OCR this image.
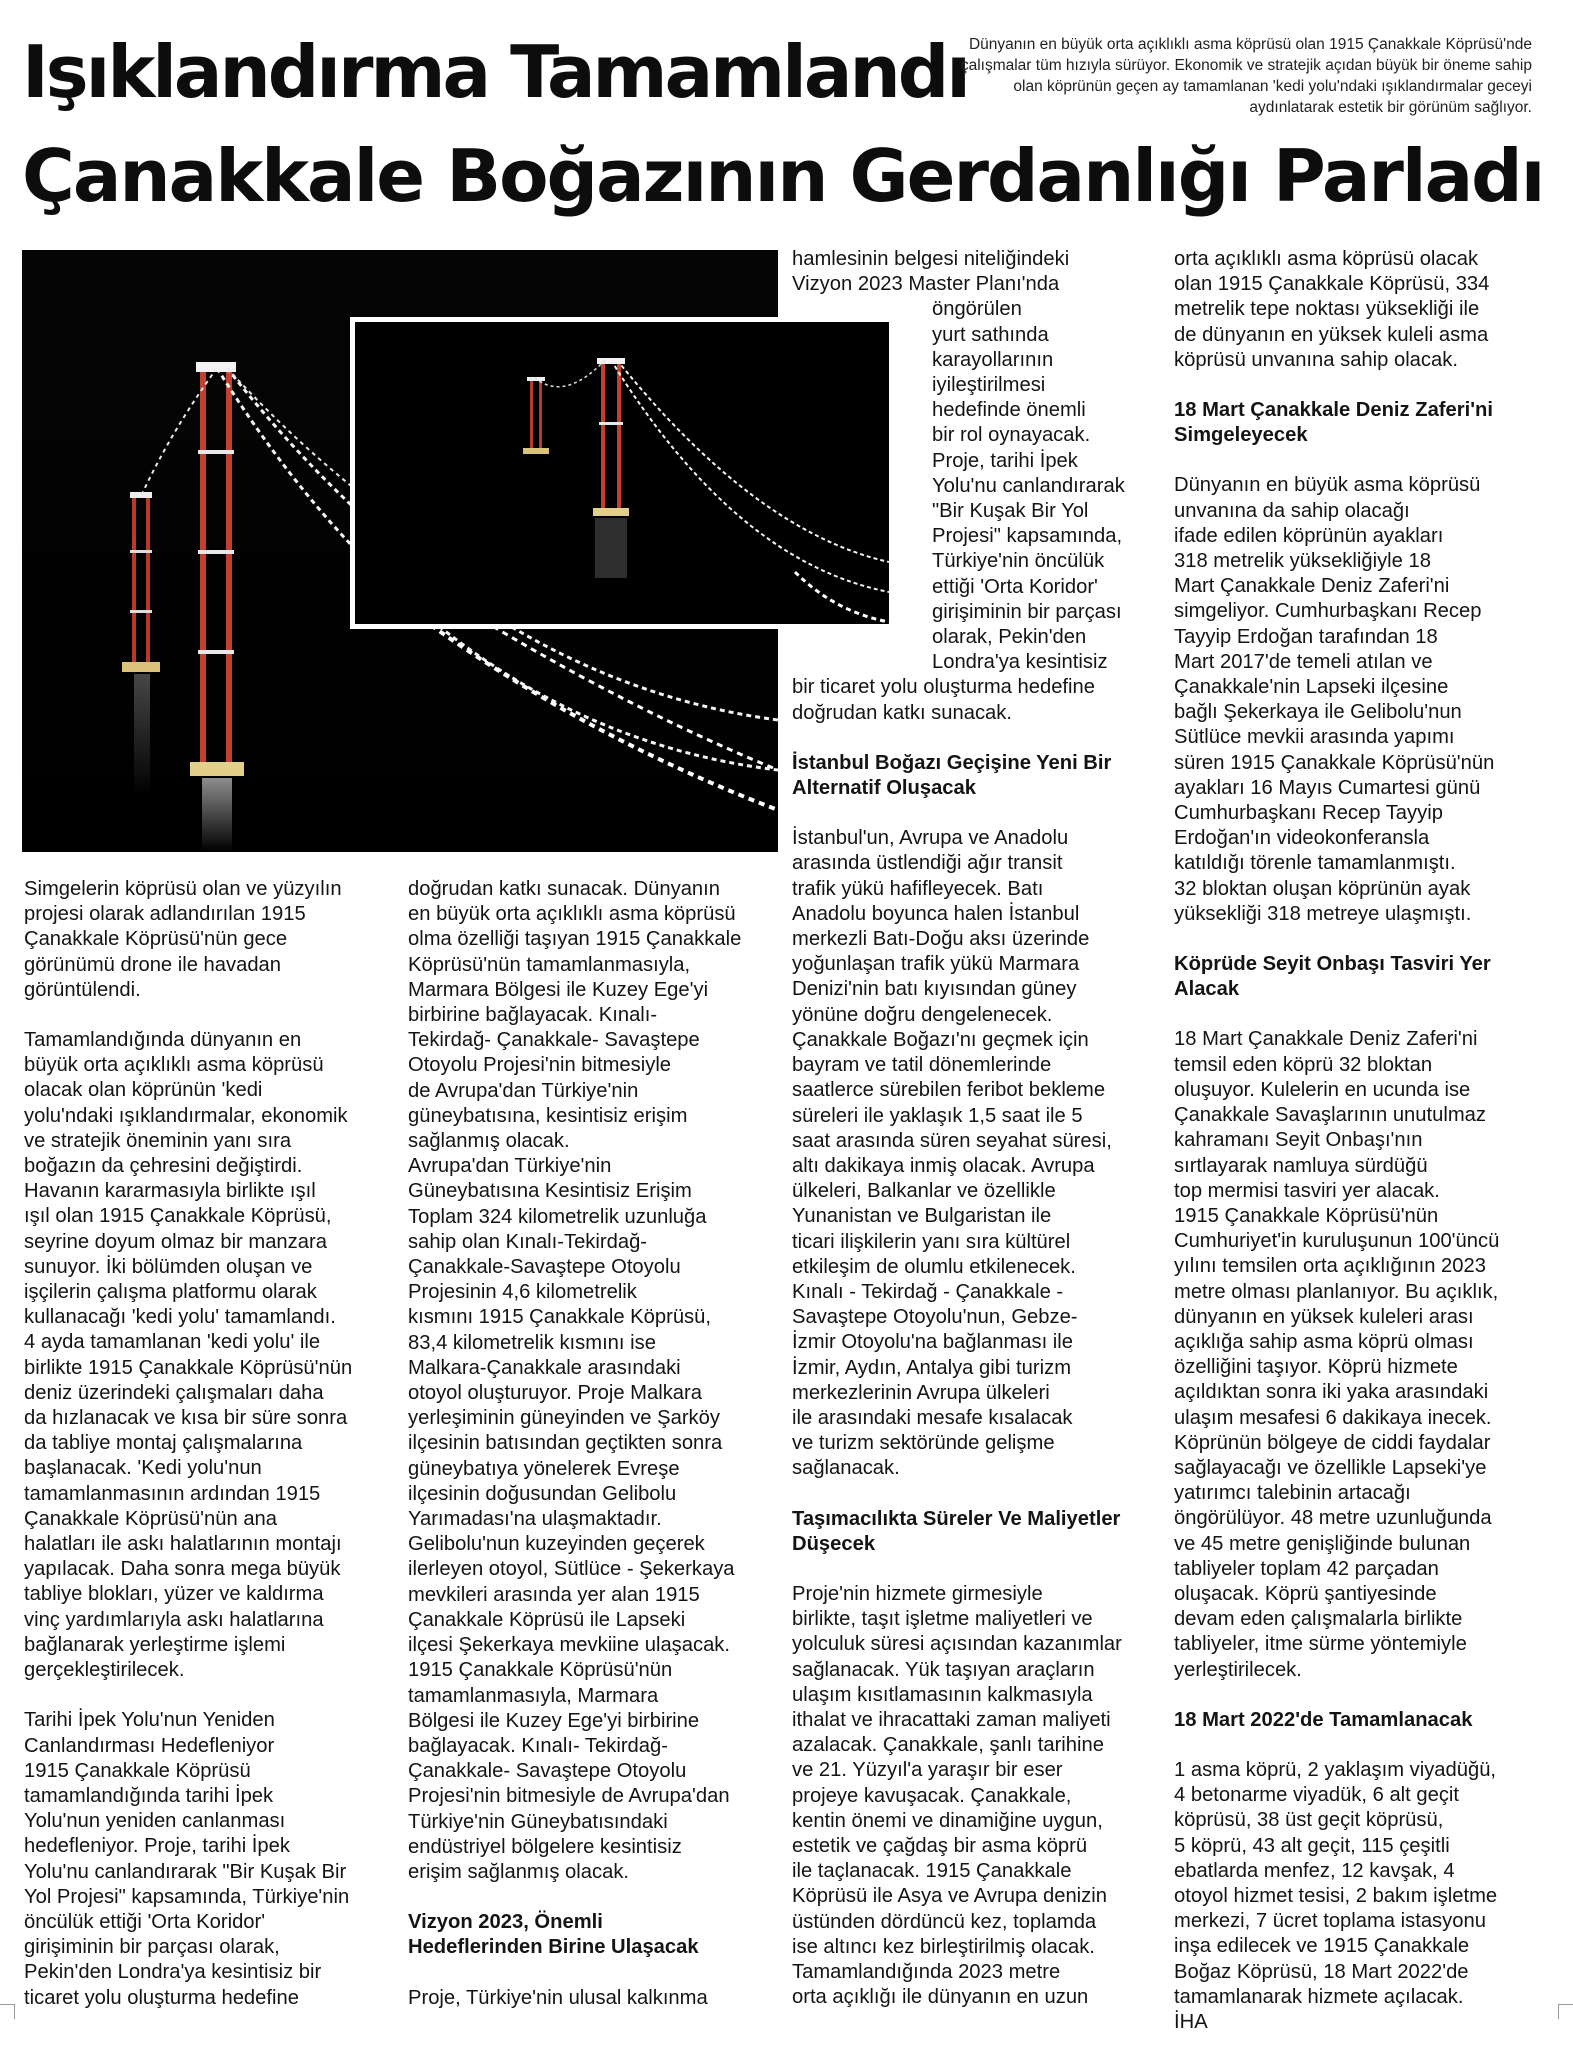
Işıklandırma Tamamlandı
Çanakkale Boğazının Gerdanlığı Parladı
Dünyanın en büyük orta açıklıklı asma köprüsü olan 1915 Çanakkale Köprüsü'nde çalışmalar tüm hızıyla sürüyor. Ekonomik ve stratejik açıdan büyük bir öneme sahip olan köprünün geçen ay tamamlanan 'kedi yolu'ndaki ışıklandırmalar geceyi aydınlatarak estetik bir görünüm sağlıyor.

Simgelerin köprüsü olan ve yüzyılın
projesi olarak adlandırılan 1915
Çanakkale Köprüsü'nün gece
görünümü drone ile havadan
görüntülendi.

Tamamlandığında dünyanın en
büyük orta açıklıklı asma köprüsü
olacak olan köprünün 'kedi
yolu'ndaki ışıklandırmalar, ekonomik
ve stratejik öneminin yanı sıra
boğazın da çehresini değiştirdi.
Havanın kararmasıyla birlikte ışıl
ışıl olan 1915 Çanakkale Köprüsü,
seyrine doyum olmaz bir manzara
sunuyor. İki bölümden oluşan ve
işçilerin çalışma platformu olarak
kullanacağı 'kedi yolu' tamamlandı.
4 ayda tamamlanan 'kedi yolu' ile
birlikte 1915 Çanakkale Köprüsü'nün
deniz üzerindeki çalışmaları daha
da hızlanacak ve kısa bir süre sonra
da tabliye montaj çalışmalarına
başlanacak. 'Kedi yolu'nun
tamamlanmasının ardından 1915
Çanakkale Köprüsü'nün ana
halatları ile askı halatlarının montajı
yapılacak. Daha sonra mega büyük
tabliye blokları, yüzer ve kaldırma
vinç yardımlarıyla askı halatlarına
bağlanarak yerleştirme işlemi
gerçekleştirilecek.

Tarihi İpek Yolu'nun Yeniden
Canlandırması Hedefleniyor
1915 Çanakkale Köprüsü
tamamlandığında tarihi İpek
Yolu'nun yeniden canlanması
hedefleniyor. Proje, tarihi İpek
Yolu'nu canlandırarak "Bir Kuşak Bir
Yol Projesi" kapsamında, Türkiye'nin
öncülük ettiği 'Orta Koridor'
girişiminin bir parçası olarak,
Pekin'den Londra'ya kesintisiz bir
ticaret yolu oluşturma hedefine

doğrudan katkı sunacak. Dünyanın
en büyük orta açıklıklı asma köprüsü
olma özelliği taşıyan 1915 Çanakkale
Köprüsü'nün tamamlanmasıyla,
Marmara Bölgesi ile Kuzey Ege'yi
birbirine bağlayacak. Kınalı-
Tekirdağ- Çanakkale- Savaştepe
Otoyolu Projesi'nin bitmesiyle
de Avrupa'dan Türkiye'nin
güneybatısına, kesintisiz erişim
sağlanmış olacak.
Avrupa'dan Türkiye'nin
Güneybatısına Kesintisiz Erişim
Toplam 324 kilometrelik uzunluğa
sahip olan Kınalı-Tekirdağ-
Çanakkale-Savaştepe Otoyolu
Projesinin 4,6 kilometrelik
kısmını 1915 Çanakkale Köprüsü,
83,4 kilometrelik kısmını ise
Malkara-Çanakkale arasındaki
otoyol oluşturuyor. Proje Malkara
yerleşiminin güneyinden ve Şarköy
ilçesinin batısından geçtikten sonra
güneybatıya yönelerek Evreşe
ilçesinin doğusundan Gelibolu
Yarımadası'na ulaşmaktadır.
Gelibolu'nun kuzeyinden geçerek
ilerleyen otoyol, Sütlüce - Şekerkaya
mevkileri arasında yer alan 1915
Çanakkale Köprüsü ile Lapseki
ilçesi Şekerkaya mevkiine ulaşacak.
1915 Çanakkale Köprüsü'nün
tamamlanmasıyla, Marmara
Bölgesi ile Kuzey Ege'yi birbirine
bağlayacak. Kınalı- Tekirdağ-
Çanakkale- Savaştepe Otoyolu
Projesi'nin bitmesiyle de Avrupa'dan
Türkiye'nin Güneybatısındaki
endüstriyel bölgelere kesintisiz
erişim sağlanmış olacak.

Vizyon 2023, Önemli
Hedeflerinden Birine Ulaşacak

Proje, Türkiye'nin ulusal kalkınma

hamlesinin belgesi niteliğindeki
Vizyon 2023 Master Planı'nda

öngörülen
yurt sathında
karayollarının
iyileştirilmesi
hedefinde önemli
bir rol oynayacak.
Proje, tarihi İpek
Yolu'nu canlandırarak
"Bir Kuşak Bir Yol
Projesi" kapsamında,
Türkiye'nin öncülük
ettiği 'Orta Koridor'
girişiminin bir parçası
olarak, Pekin'den
Londra'ya kesintisiz

bir ticaret yolu oluşturma hedefine
doğrudan katkı sunacak.

İstanbul Boğazı Geçişine Yeni Bir
Alternatif Oluşacak

İstanbul'un, Avrupa ve Anadolu
arasında üstlendiği ağır transit
trafik yükü hafifleyecek. Batı
Anadolu boyunca halen İstanbul
merkezli Batı-Doğu aksı üzerinde
yoğunlaşan trafik yükü Marmara
Denizi'nin batı kıyısından güney
yönüne doğru dengelenecek.
Çanakkale Boğazı'nı geçmek için
bayram ve tatil dönemlerinde
saatlerce sürebilen feribot bekleme
süreleri ile yaklaşık 1,5 saat ile 5
saat arasında süren seyahat süresi,
altı dakikaya inmiş olacak. Avrupa
ülkeleri, Balkanlar ve özellikle
Yunanistan ve Bulgaristan ile
ticari ilişkilerin yanı sıra kültürel
etkileşim de olumlu etkilenecek.
Kınalı - Tekirdağ - Çanakkale -
Savaştepe Otoyolu'nun, Gebze-
İzmir Otoyolu'na bağlanması ile
İzmir, Aydın, Antalya gibi turizm
merkezlerinin Avrupa ülkeleri
ile arasındaki mesafe kısalacak
ve turizm sektöründe gelişme
sağlanacak.

Taşımacılıkta Süreler Ve Maliyetler
Düşecek

Proje'nin hizmete girmesiyle
birlikte, taşıt işletme maliyetleri ve
yolculuk süresi açısından kazanımlar
sağlanacak. Yük taşıyan araçların
ulaşım kısıtlamasının kalkmasıyla
ithalat ve ihracattaki zaman maliyeti
azalacak. Çanakkale, şanlı tarihine
ve 21. Yüzyıl'a yaraşır bir eser
projeye kavuşacak. Çanakkale,
kentin önemi ve dinamiğine uygun,
estetik ve çağdaş bir asma köprü
ile taçlanacak. 1915 Çanakkale
Köprüsü ile Asya ve Avrupa denizin
üstünden dördüncü kez, toplamda
ise altıncı kez birleştirilmiş olacak.
Tamamlandığında 2023 metre
orta açıklığı ile dünyanın en uzun

orta açıklıklı asma köprüsü olacak
olan 1915 Çanakkale Köprüsü, 334
metrelik tepe noktası yüksekliği ile
de dünyanın en yüksek kuleli asma
köprüsü unvanına sahip olacak.

18 Mart Çanakkale Deniz Zaferi'ni
Simgeleyecek

Dünyanın en büyük asma köprüsü
unvanına da sahip olacağı
ifade edilen köprünün ayakları
318 metrelik yüksekliğiyle 18
Mart Çanakkale Deniz Zaferi'ni
simgeliyor. Cumhurbaşkanı Recep
Tayyip Erdoğan tarafından 18
Mart 2017'de temeli atılan ve
Çanakkale'nin Lapseki ilçesine
bağlı Şekerkaya ile Gelibolu'nun
Sütlüce mevkii arasında yapımı
süren 1915 Çanakkale Köprüsü'nün
ayakları 16 Mayıs Cumartesi günü
Cumhurbaşkanı Recep Tayyip
Erdoğan'ın videokonferansla
katıldığı törenle tamamlanmıştı.
32 bloktan oluşan köprünün ayak
yüksekliği 318 metreye ulaşmıştı.

Köprüde Seyit Onbaşı Tasviri Yer
Alacak

18 Mart Çanakkale Deniz Zaferi'ni
temsil eden köprü 32 bloktan
oluşuyor. Kulelerin en ucunda ise
Çanakkale Savaşlarının unutulmaz
kahramanı Seyit Onbaşı'nın
sırtlayarak namluya sürdüğü
top mermisi tasviri yer alacak.
1915 Çanakkale Köprüsü'nün
Cumhuriyet'in kuruluşunun 100'üncü
yılını temsilen orta açıklığının 2023
metre olması planlanıyor. Bu açıklık,
dünyanın en yüksek kuleleri arası
açıklığa sahip asma köprü olması
özelliğini taşıyor. Köprü hizmete
açıldıktan sonra iki yaka arasındaki
ulaşım mesafesi 6 dakikaya inecek.
Köprünün bölgeye de ciddi faydalar
sağlayacağı ve özellikle Lapseki'ye
yatırımcı talebinin artacağı
öngörülüyor. 48 metre uzunluğunda
ve 45 metre genişliğinde bulunan
tabliyeler toplam 42 parçadan
oluşacak. Köprü şantiyesinde
devam eden çalışmalarla birlikte
tabliyeler, itme sürme yöntemiyle
yerleştirilecek.

18 Mart 2022'de Tamamlanacak

1 asma köprü, 2 yaklaşım viyadüğü,
4 betonarme viyadük, 6 alt geçit
köprüsü, 38 üst geçit köprüsü,
5 köprü, 43 alt geçit, 115 çeşitli
ebatlarda menfez, 12 kavşak, 4
otoyol hizmet tesisi, 2 bakım işletme
merkezi, 7 ücret toplama istasyonu
inşa edilecek ve 1915 Çanakkale
Boğaz Köprüsü, 18 Mart 2022'de
tamamlanarak hizmete açılacak.
İHA
